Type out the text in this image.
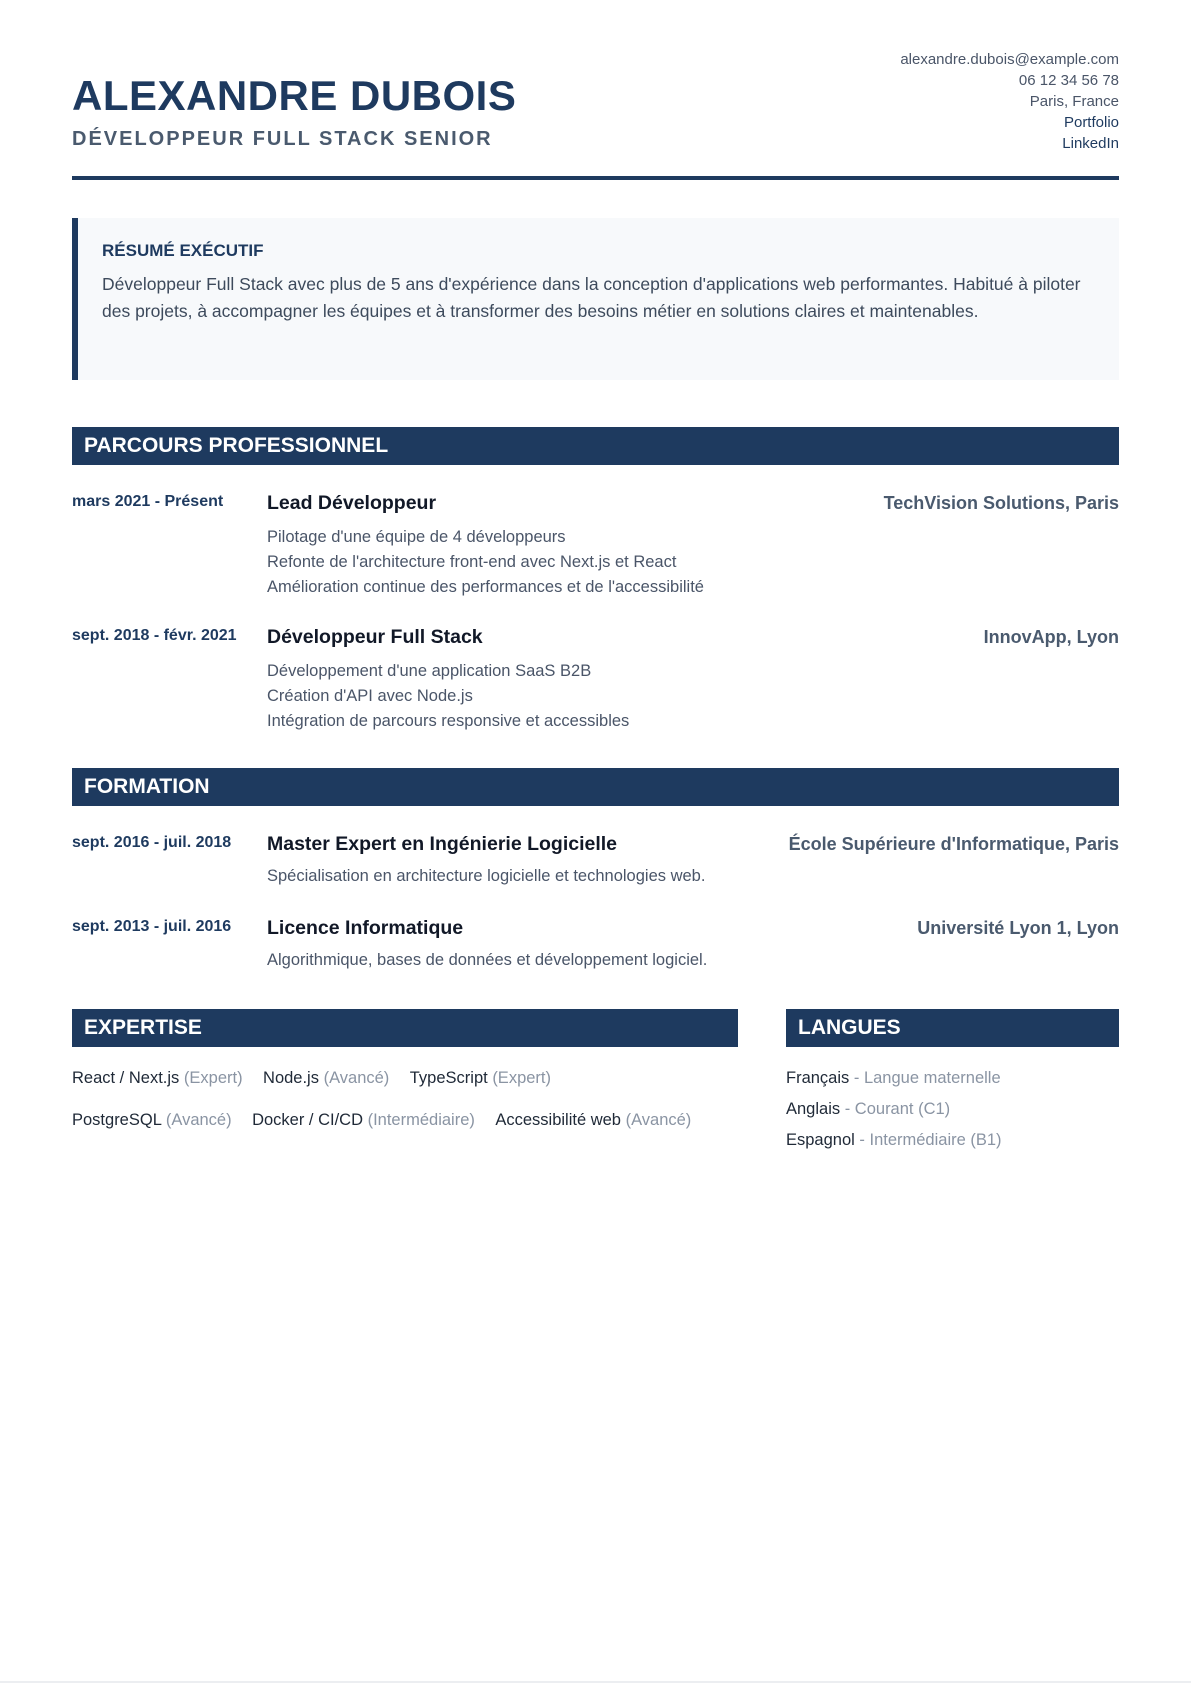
ALEXANDRE DUBOIS
DÉVELOPPEUR FULL STACK SENIOR
alexandre.dubois@example.com
06 12 34 56 78
Paris, France
Portfolio
LinkedIn
RÉSUMÉ EXÉCUTIF
Développeur Full Stack avec plus de 5 ans d'expérience dans la conception d'applications web performantes. Habitué à piloter des projets, à accompagner les équipes et à transformer des besoins métier en solutions claires et maintenables.
PARCOURS PROFESSIONNEL
mars 2021 - Présent Lead Développeur	TechVision Solutions, Paris
Pilotage d'une équipe de 4 développeurs
Refonte de l'architecture front-end avec Next.js et React
Amélioration continue des performances et de l'accessibilité
sept. 2018 - févr. 2021 Développeur Full Stack	InnovApp, Lyon
Développement d'une application SaaS B2B
Création d'API avec Node.js
Intégration de parcours responsive et accessibles
FORMATION
sept. 2016 - juil. 2018 Master Expert en Ingénierie Logicielle	École Supérieure d'Informatique, Paris
Spécialisation en architecture logicielle et technologies web.
sept. 2013 - juil. 2016 Licence Informatique	Université Lyon 1, Lyon
Algorithmique, bases de données et développement logiciel.
EXPERTISE
React / Next.js (Expert) Node.js (Avancé) TypeScript (Expert)
PostgreSQL (Avancé) Docker / CI/CD (Intermédiaire) Accessibilité web (Avancé)
LANGUES
Français - Langue maternelle
Anglais - Courant (C1)
Espagnol - Intermédiaire (B1)
